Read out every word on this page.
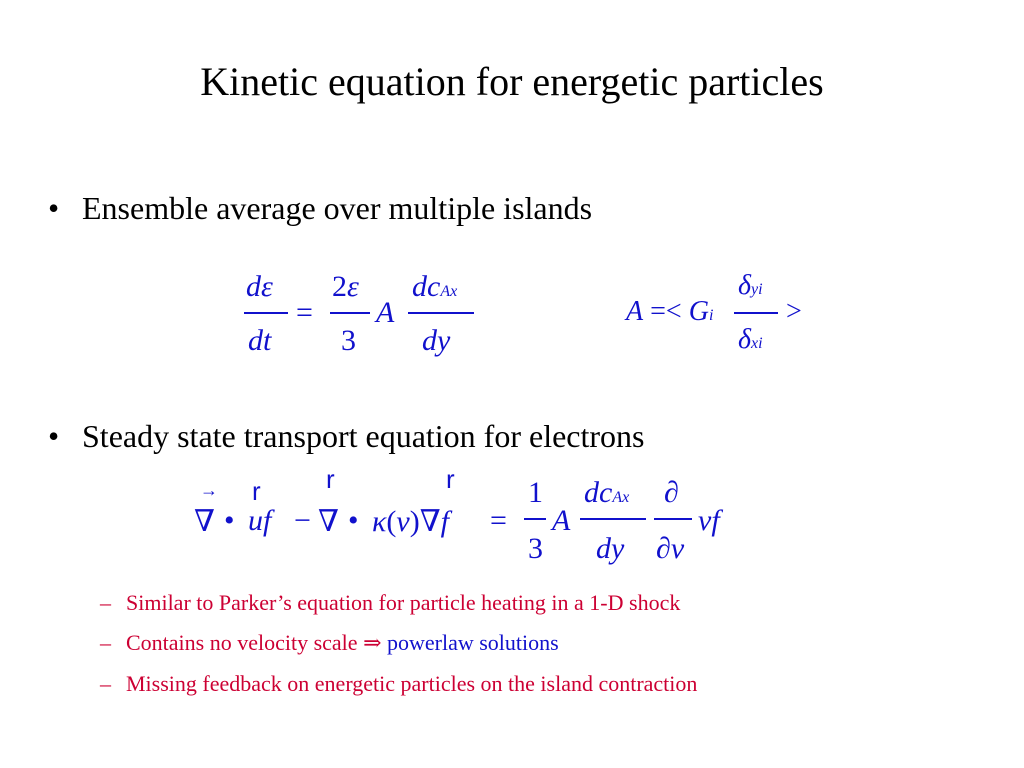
Kinetic equation for energetic particles
• Ensemble average over multiple islands
dε
dt
=
2ε
3
A
dcAx
dy
A =< Gi
δyi
δxi
>
• Steady state transport equation for electrons
→ r	r	r
∇ • uf − ∇ • κ(v)∇f =
1
3
A
dcAx
dy
∂
∂v
vf
– Similar to Parker’s equation for particle heating in a 1-D shock
– Contains no velocity scale ⇒ powerlaw solutions
– Missing feedback on energetic particles on the island contraction
